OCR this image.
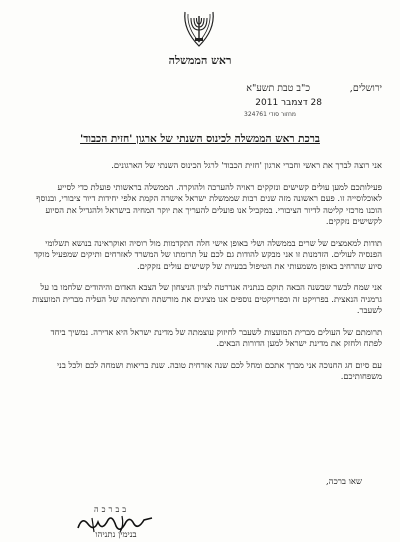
ראש הממשלה
ירושלים,
כ"ב טבת תשע"א
28 דצמבר 2011
מחזור סודי 324761
ברכת ראש הממשלה לכינוס השנתי של ארגון 'חזית הכבוד'

אני רוצה לברך את ראשי וחברי ארגון 'חזית הכבוד' לרגל הכינוס השנתי של הארגונים.

פעילותכם למען עולים קשישים ונזקקים ראויה להערכה ולהוקרה. הממשלה בראשותי פועלת כדי לסייע לאוכלוסייה זו. פעם ראשונה מזה שנים רבות שממשלת ישראל אישרה הקמת אלפי יחידות דיור ציבורי, ובנוסף הוכנו מרכזי קליטה לדיור הציבורי. במקביל אנו פועלים להעריך את יוקר המחיה בישראל ולהגדיל את הסיוע לקשישים נזקקים.

תודות למאמצים של שרים בממשלה ושלי באופן אישי חלה התקדמות מול רוסיה ואוקראינה בנושא תשלומי הפנסיה לעולים. הזדמנות זו אני מבקש להודות גם לכם על תרומתו של המשרד לאזרחים ותיקים שמפעיל מוקד סיוע שהרחיב באופן משמעותי את הטיפול בבעיות של קשישים עולים נזקקים.

אני שמח לבשר שבשנה הבאה תוקם בנתניה אנדרטה לציון הניצחון של הצבא האדום והיהודים שלחמו בו על גרמניה הנאצית. בפרויקט זה ובפרויקטים נוספים אנו מציגים את מורשתה ותרומתה של העליה מברית המועצות לשעבר.

תרומתם של העולים מברית המועצות לשעבר לחיזוק עוצמתה של מדינת ישראל היא אדירה. נמשיך ביחד לפתח ולחזק את מדינת ישראל למען הדורות הבאים.

עם סיום חג החנוכה אני מברך אתכם ומחל לכם שנה אזרחית טובה. שנת בריאות ושמחה לכם ולכל בני משפחותיכם.

שאו ברכה,
בברכה
בנימין נתניהו
